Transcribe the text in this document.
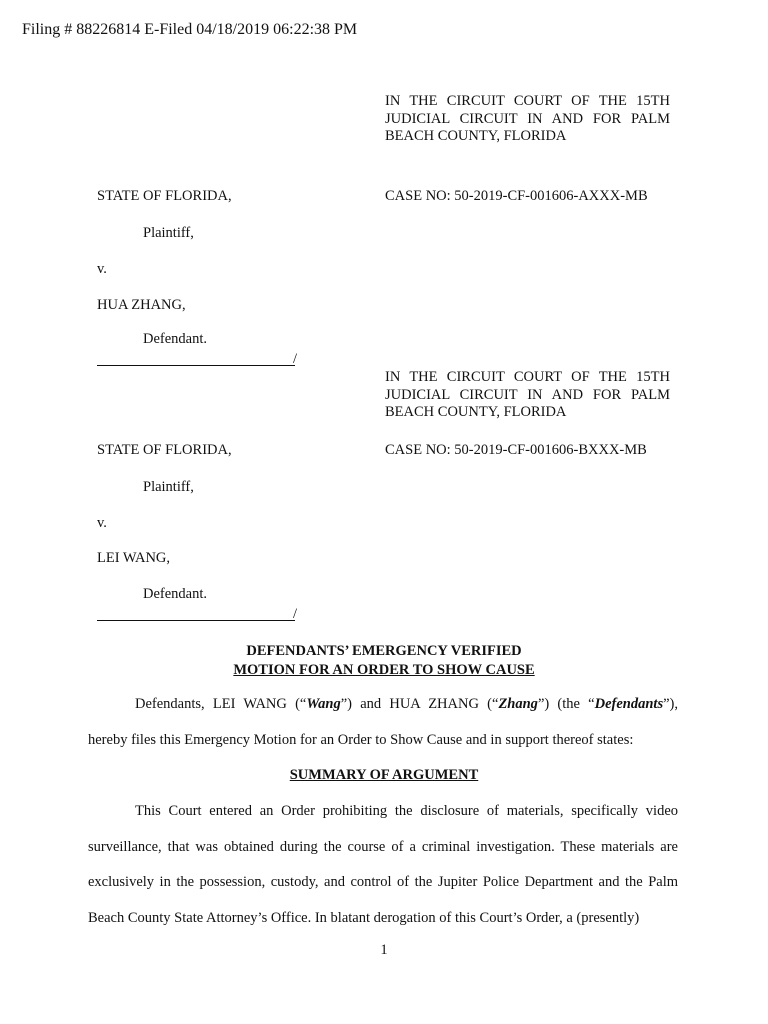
Filing # 88226814 E-Filed 04/18/2019 06:22:38 PM
IN THE CIRCUIT COURT OF THE 15TH JUDICIAL CIRCUIT IN AND FOR PALM BEACH COUNTY, FLORIDA
STATE OF FLORIDA,	CASE NO: 50-2019-CF-001606-AXXX-MB
Plaintiff,
v.
HUA ZHANG,
Defendant.
/
IN THE CIRCUIT COURT OF THE 15TH JUDICIAL CIRCUIT IN AND FOR PALM BEACH COUNTY, FLORIDA
STATE OF FLORIDA,	CASE NO: 50-2019-CF-001606-BXXX-MB
Plaintiff,
v.
LEI WANG,
Defendant.
/
DEFENDANTS’ EMERGENCY VERIFIED
MOTION FOR AN ORDER TO SHOW CAUSE

Defendants, LEI WANG (“Wang”) and HUA ZHANG (“Zhang”) (the “Defendants”), hereby files this Emergency Motion for an Order to Show Cause and in support thereof states:

SUMMARY OF ARGUMENT

This Court entered an Order prohibiting the disclosure of materials, specifically video surveillance, that was obtained during the course of a criminal investigation. These materials are exclusively in the possession, custody, and control of the Jupiter Police Department and the Palm Beach County State Attorney’s Office. In blatant derogation of this Court’s Order, a (presently)

1
